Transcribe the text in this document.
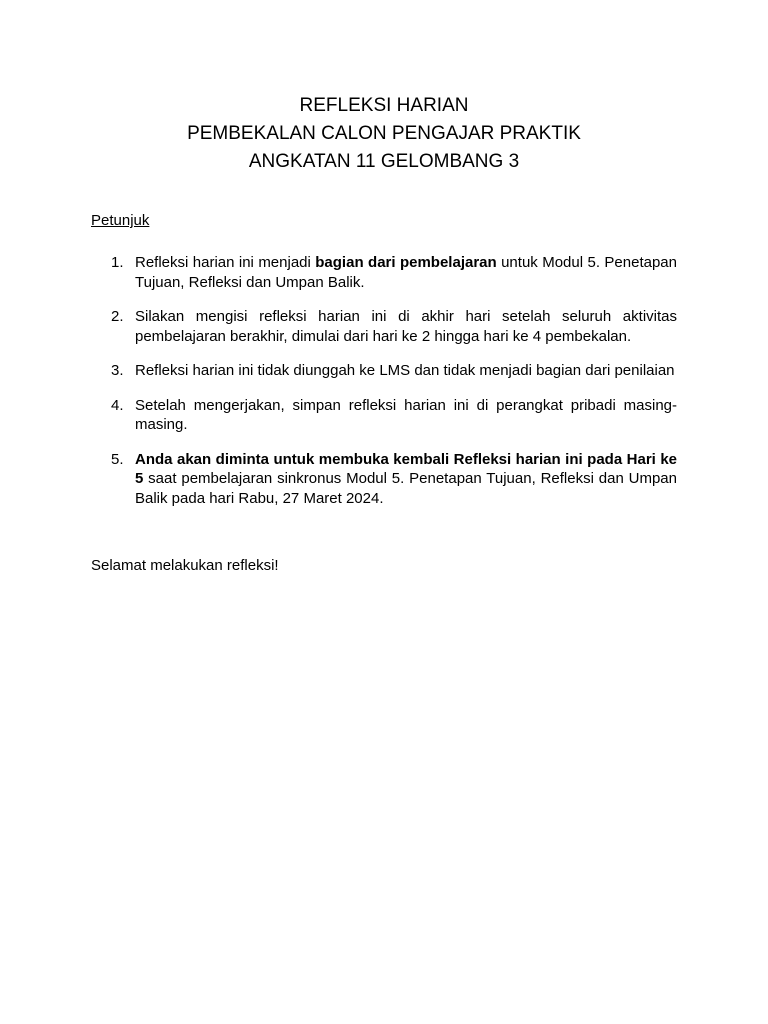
REFLEKSI HARIAN
PEMBEKALAN CALON PENGAJAR PRAKTIK
ANGKATAN 11 GELOMBANG 3
Petunjuk
1. Refleksi harian ini menjadi bagian dari pembelajaran untuk Modul 5. Penetapan Tujuan, Refleksi dan Umpan Balik.
2. Silakan mengisi refleksi harian ini di akhir hari setelah seluruh aktivitas pembelajaran berakhir, dimulai dari hari ke 2 hingga hari ke 4 pembekalan.
3. Refleksi harian ini tidak diunggah ke LMS dan tidak menjadi bagian dari penilaian
4. Setelah mengerjakan, simpan refleksi harian ini di perangkat pribadi masing-masing.
5. Anda akan diminta untuk membuka kembali Refleksi harian ini pada Hari ke 5 saat pembelajaran sinkronus Modul 5. Penetapan Tujuan, Refleksi dan Umpan Balik pada hari Rabu, 27 Maret 2024.
Selamat melakukan refleksi!
